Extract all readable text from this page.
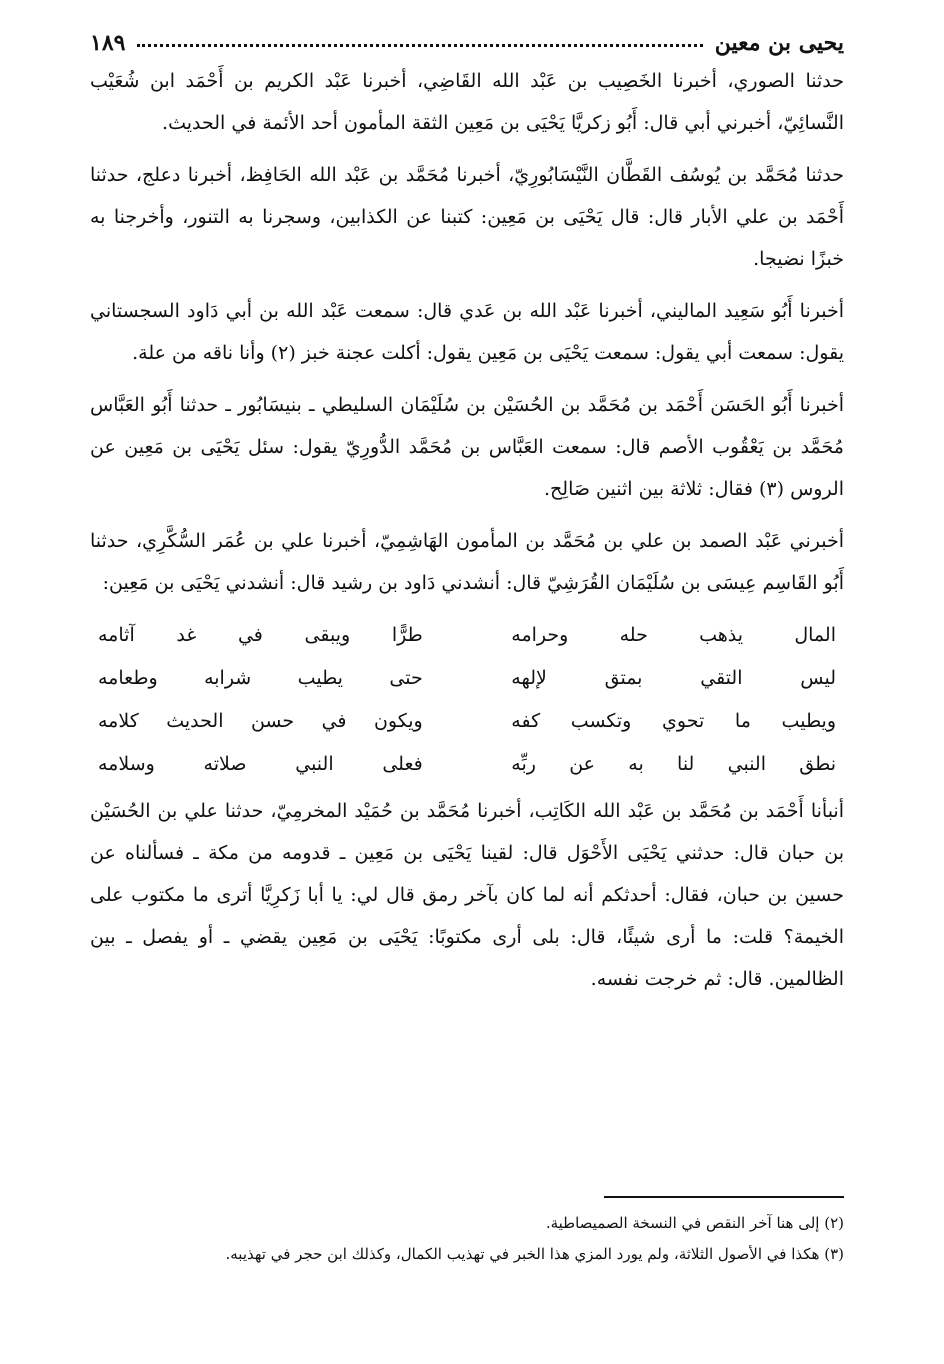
يحيى بن معين
١٨٩

حدثنا الصوري، أخبرنا الخَصِيب بن عَبْد الله القَاضِي، أخبرنا عَبْد الكريم بن أَحْمَد ابن شُعَيْب النَّسائِيّ، أخبرني أبي قال: أَبُو زكريَّا يَحْيَى بن مَعِين الثقة المأمون أحد الأئمة في الحديث.

حدثنا مُحَمَّد بن يُوسُف القَطَّان النَّيْسَابُورِيّ، أخبرنا مُحَمَّد بن عَبْد الله الحَافِظ، أخبرنا دعلج، حدثنا أَحْمَد بن علي الأبار قال: قال يَحْيَى بن مَعِين: كتبنا عن الكذابين، وسجرنا به التنور، وأخرجنا به خبزًا نضيجا.

أخبرنا أَبُو سَعِيد الماليني، أخبرنا عَبْد الله بن عَدي قال: سمعت عَبْد الله بن أبي دَاود السجستاني يقول: سمعت أبي يقول: سمعت يَحْيَى بن مَعِين يقول: أكلت عجنة خبز (٢) وأنا ناقه من علة.

أخبرنا أَبُو الحَسَن أَحْمَد بن مُحَمَّد بن الحُسَيْن بن سُلَيْمَان السليطي ـ بنيسَابُور ـ حدثنا أَبُو العَبَّاس مُحَمَّد بن يَعْقُوب الأصم قال: سمعت العَبَّاس بن مُحَمَّد الدُّورِيّ يقول: سئل يَحْيَى بن مَعِين عن الروس (٣) فقال: ثلاثة بين اثنين صَالِح.

أخبرني عَبْد الصمد بن علي بن مُحَمَّد بن المأمون الهَاشِمِيّ، أخبرنا علي بن عُمَر السُّكَّرِي، حدثنا أَبُو القَاسِم عِيسَى بن سُلَيْمَان القُرَشِيّ قال: أنشدني دَاود بن رشيد قال: أنشدني يَحْيَى بن مَعِين:

المال يذهب حله وحرامه
طرًّا ويبقى في غد آثامه
ليس التقي بمتق لإلهه
حتى يطيب شرابه وطعامه
ويطيب ما تحوي وتكسب كفه
ويكون في حسن الحديث كلامه
نطق النبي لنا به عن ربِّه
فعلى النبي صلاته وسلامه

أنبأنا أَحْمَد بن مُحَمَّد بن عَبْد الله الكَاتِب، أخبرنا مُحَمَّد بن حُمَيْد المخرمِيّ، حدثنا علي بن الحُسَيْن بن حبان قال: حدثني يَحْيَى الأَحْوَل قال: لقينا يَحْيَى بن مَعِين ـ قدومه من مكة ـ فسألناه عن حسين بن حبان، فقال: أحدثكم أنه لما كان بآخر رمق قال لي: يا أبا زَكرِيَّا أترى ما مكتوب على الخيمة؟ قلت: ما أرى شيئًا، قال: بلى أرى مكتوبًا: يَحْيَى بن مَعِين يقضي ـ أو يفصل ـ بين الظالمين. قال: ثم خرجت نفسه.

(٢) إلى هنا آخر النقص في النسخة الصميصاطية.

(٣) هكذا في الأصول الثلاثة، ولم يورد المزي هذا الخبر في تهذيب الكمال، وكذلك ابن حجر في تهذيبه.
